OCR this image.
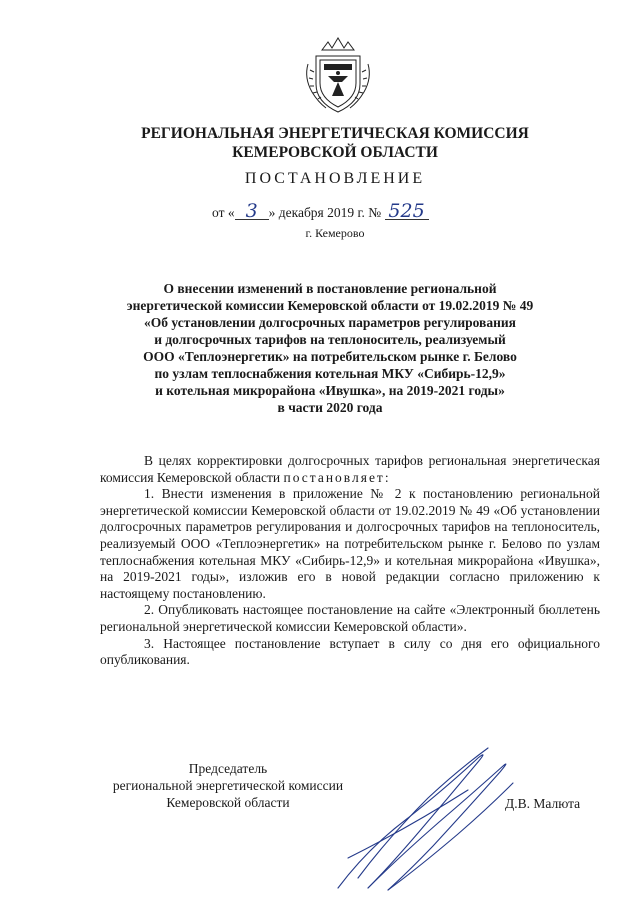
РЕГИОНАЛЬНАЯ ЭНЕРГЕТИЧЕСКАЯ КОМИССИЯ
КЕМЕРОВСКОЙ ОБЛАСТИ
ПОСТАНОВЛЕНИЕ
от « 3 » декабря 2019 г. № 525
г. Кемерово
О внесении изменений в постановление региональной
энергетической комиссии Кемеровской области от 19.02.2019 № 49
«Об установлении долгосрочных параметров регулирования
и долгосрочных тарифов на теплоноситель, реализуемый
ООО «Теплоэнергетик» на потребительском рынке г. Белово
по узлам теплоснабжения котельная МКУ «Сибирь-12,9»
и котельная микрорайона «Ивушка», на 2019-2021 годы»
в части 2020 года

В целях корректировки долгосрочных тарифов региональная энергетическая комиссия Кемеровской области постановляет:

1. Внести изменения в приложение № 2 к постановлению региональной энергетической комиссии Кемеровской области от 19.02.2019 № 49 «Об установлении долгосрочных параметров регулирования и долгосрочных тарифов на теплоноситель, реализуемый ООО «Теплоэнергетик» на потребительском рынке г. Белово по узлам теплоснабжения котельная МКУ «Сибирь-12,9» и котельная микрорайона «Ивушка», на 2019-2021 годы», изложив его в новой редакции согласно приложению к настоящему постановлению.

2. Опубликовать настоящее постановление на сайте «Электронный бюллетень региональной энергетической комиссии Кемеровской области».

3. Настоящее постановление вступает в силу со дня его официального опубликования.

Председатель
региональной энергетической комиссии
Кемеровской области	Д.В. Малюта
